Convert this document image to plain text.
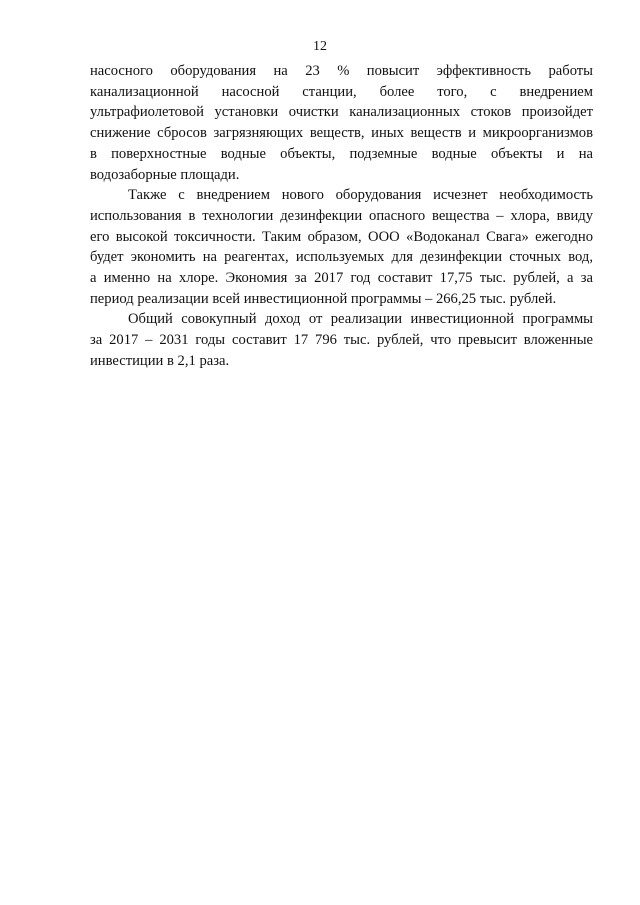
12

насосного оборудования на 23 % повысит эффективность работы
канализационной насосной станции, более того, с внедрением
ультрафиолетовой установки очистки канализационных стоков произойдет
снижение сбросов загрязняющих веществ, иных веществ и микроорганизмов
в поверхностные водные объекты, подземные водные объекты и на
водозаборные площади.

Также с внедрением нового оборудования исчезнет необходимость
использования в технологии дезинфекции опасного вещества – хлора, ввиду
его высокой токсичности. Таким образом, ООО «Водоканал Свага» ежегодно
будет экономить на реагентах, используемых для дезинфекции сточных вод,
а именно на хлоре. Экономия за 2017 год составит 17,75 тыс. рублей, а за
период реализации всей инвестиционной программы – 266,25 тыс. рублей.

Общий совокупный доход от реализации инвестиционной программы
за 2017 – 2031 годы составит 17 796 тыс. рублей, что превысит вложенные
инвестиции в 2,1 раза.
